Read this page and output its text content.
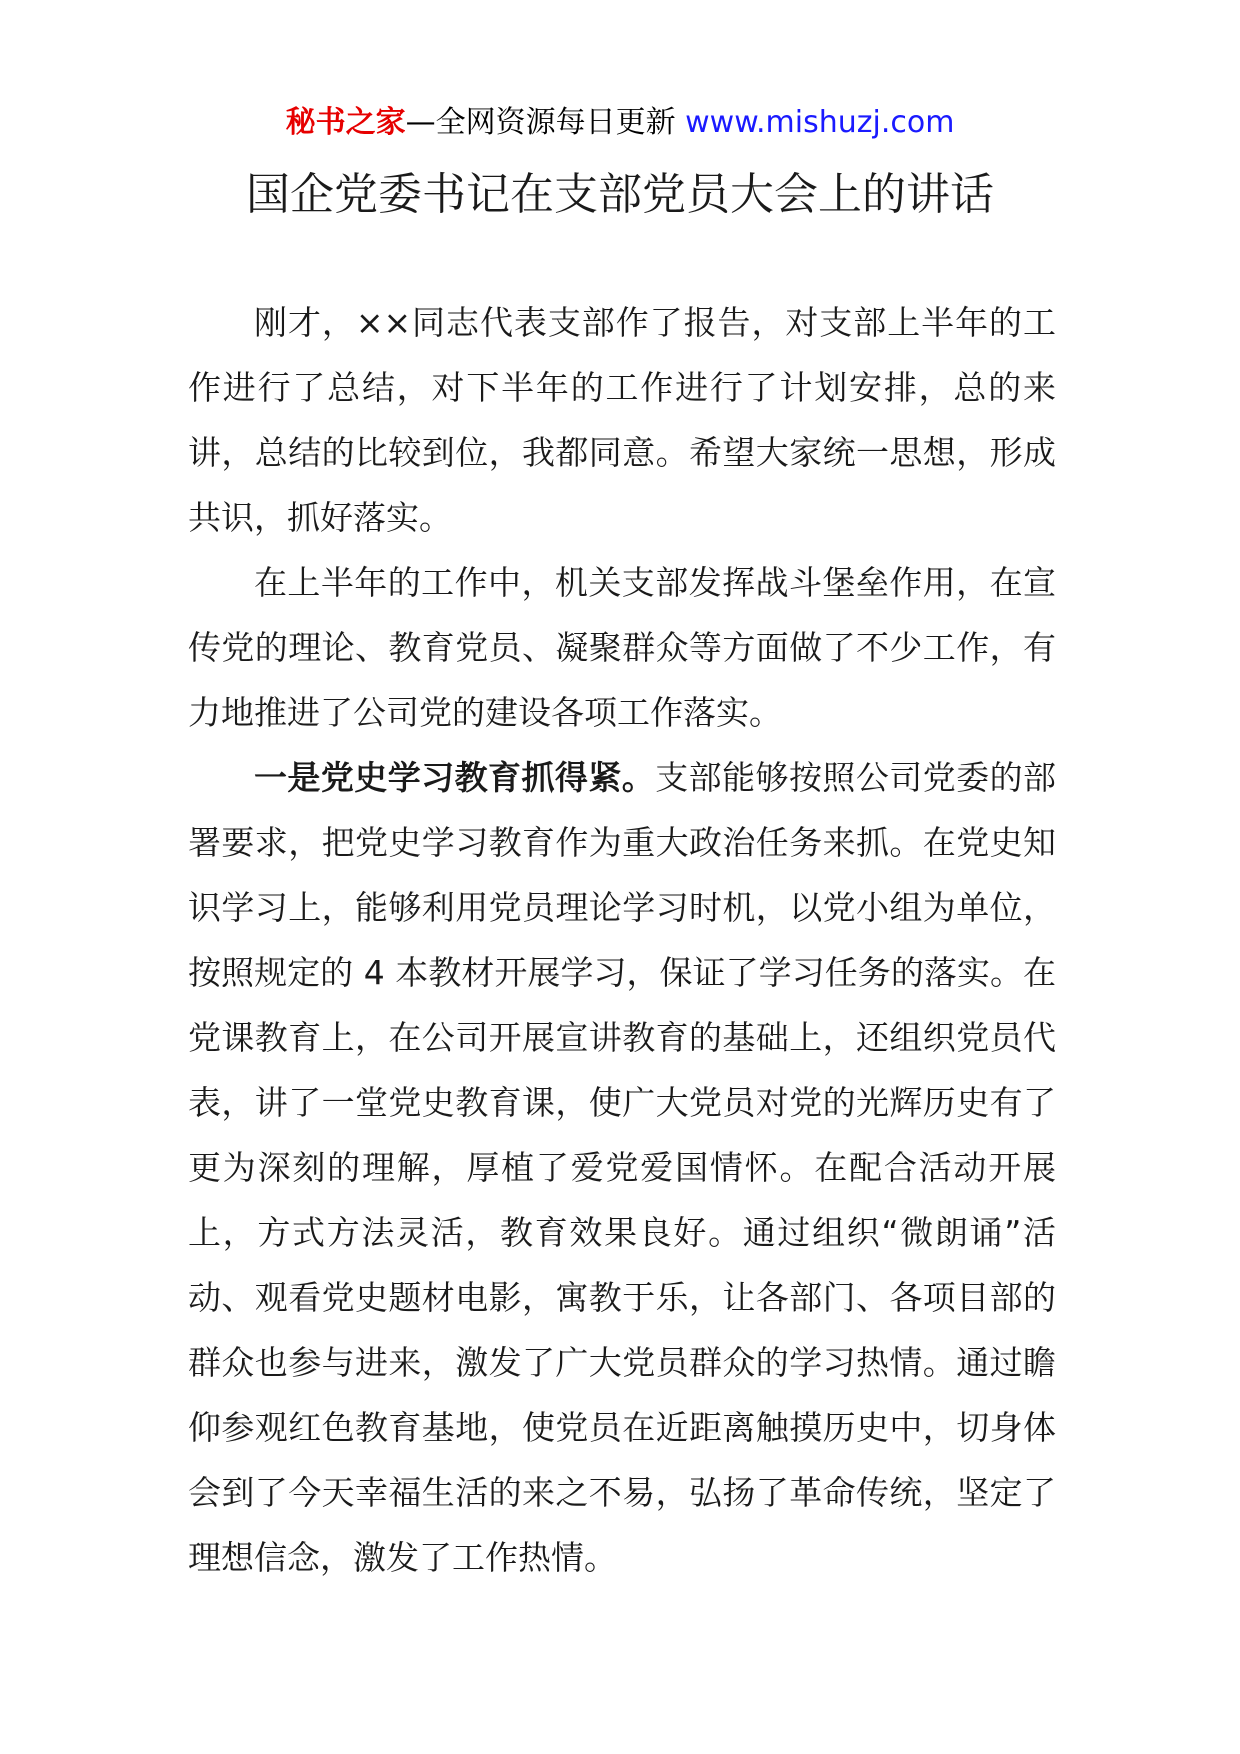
秘书之家—全网资源每日更新 www.mishuzj.com
国企党委书记在支部党员大会上的讲话

刚才，××同志代表支部作了报告，对支部上半年的工作进行了总结，对下半年的工作进行了计划安排，总的来讲，总结的比较到位，我都同意。希望大家统一思想，形成共识，抓好落实。

在上半年的工作中，机关支部发挥战斗堡垒作用，在宣传党的理论、教育党员、凝聚群众等方面做了不少工作，有力地推进了公司党的建设各项工作落实。

一是党史学习教育抓得紧。支部能够按照公司党委的部署要求，把党史学习教育作为重大政治任务来抓。在党史知识学习上，能够利用党员理论学习时机，以党小组为单位，按照规定的 4 本教材开展学习，保证了学习任务的落实。在党课教育上，在公司开展宣讲教育的基础上，还组织党员代表，讲了一堂党史教育课，使广大党员对党的光辉历史有了更为深刻的理解，厚植了爱党爱国情怀。在配合活动开展上，方式方法灵活，教育效果良好。通过组织“微朗诵”活动、观看党史题材电影，寓教于乐，让各部门、各项目部的群众也参与进来，激发了广大党员群众的学习热情。通过瞻仰参观红色教育基地，使党员在近距离触摸历史中，切身体会到了今天幸福生活的来之不易，弘扬了革命传统，坚定了理想信念，激发了工作热情。
